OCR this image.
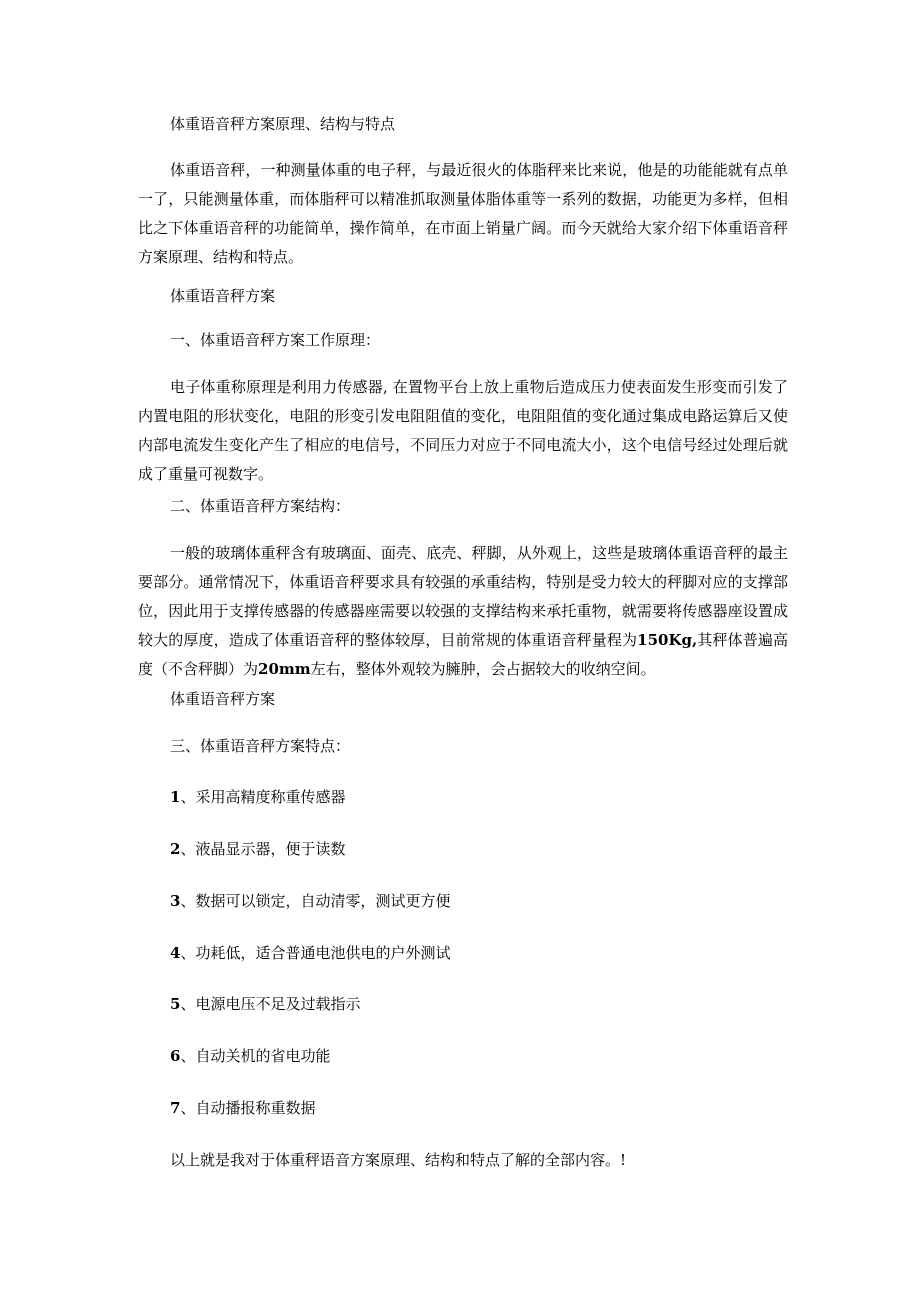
体重语音秤方案原理、结构与特点
体重语音秤，一种测量体重的电子秤，与最近很火的体脂秤来比来说，他是的功能能就有点单一了，只能测量体重，而体脂秤可以精准抓取测量体脂体重等一系列的数据，功能更为多样，但相比之下体重语音秤的功能简单，操作简单，在市面上销量广阔。而今天就给大家介绍下体重语音秤方案原理、结构和特点。
体重语音秤方案
一、体重语音秤方案工作原理：
电子体重称原理是利用力传感器, 在置物平台上放上重物后造成压力使表面发生形变而引发了内置电阻的形状变化，电阻的形变引发电阻阻值的变化，电阻阻值的变化通过集成电路运算后又使内部电流发生变化产生了相应的电信号，不同压力对应于不同电流大小，这个电信号经过处理后就成了重量可视数字。
二、体重语音秤方案结构：
一般的玻璃体重秤含有玻璃面、面壳、底壳、秤脚，从外观上，这些是玻璃体重语音秤的最主要部分。通常情况下，体重语音秤要求具有较强的承重结构，特别是受力较大的秤脚对应的支撑部位，因此用于支撑传感器的传感器座需要以较强的支撑结构来承托重物，就需要将传感器座设置成较大的厚度，造成了体重语音秤的整体较厚，目前常规的体重语音秤量程为150Kg,其秤体普遍高度（不含秤脚）为20mm左右，整体外观较为臃肿，会占据较大的收纳空间。
体重语音秤方案
三、体重语音秤方案特点：
1、采用高精度称重传感器
2、液晶显示器，便于读数
3、数据可以锁定，自动清零，测试更方便
4、功耗低，适合普通电池供电的户外测试
5、电源电压不足及过载指示
6、自动关机的省电功能
7、自动播报称重数据
以上就是我对于体重秤语音方案原理、结构和特点了解的全部内容。!
